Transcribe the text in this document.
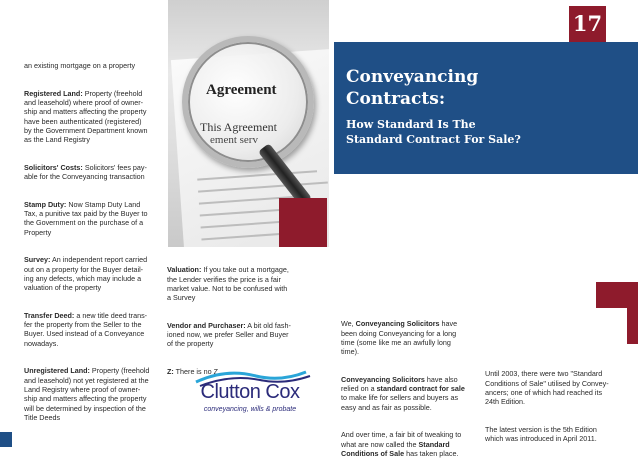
Agreement
This Agreement
ement serv
17
Conveyancing
Contracts:
How Standard Is The
Standard Contract For Sale?

an existing mortgage on a property

Registered Land: Property (freehold
and leasehold) where proof of owner-
ship and matters affecting the property
have been authenticated (registered)
by the Government Department known
as the Land Registry

Solicitors' Costs: Solicitors' fees pay-
able for the Conveyancing transaction

Stamp Duty: Now Stamp Duty Land
Tax, a punitive tax paid by the Buyer to
the Government on the purchase of a
Property

Survey: An independent report carried
out on a property for the Buyer detail-
ing any defects, which may include a
valuation of the property

Transfer Deed: a new title deed trans-
fer the property from the Seller to the
Buyer. Used instead of a Conveyance
nowadays.

Unregistered Land: Property (freehold
and leasehold) not yet registered at the
Land Registry where proof of owner-
ship and matters affecting the property
will be determined by inspection of the
Title Deeds

Valuation: If you take out a mortgage,
the Lender verifies the price is a fair
market value. Not to be confused with
a Survey

Vendor and Purchaser: A bit old fash-
ioned now, we prefer Seller and Buyer
of the property

Z: There is no Z

Clutton Cox
conveyancing, wills & probate

We, Conveyancing Solicitors have
been doing Conveyancing for a long
time (some like me an awfully long
time).

Conveyancing Solicitors have also
relied on a standard contract for sale
to make life for sellers and buyers as
easy and as fair as possible.

And over time, a fair bit of tweaking to
what are now called the Standard
Conditions of Sale has taken place.

Until 2003, there were two "Standard
Conditions of Sale" utilised by Convey-
ancers; one of which had reached its
24th Edition.

The latest version is the 5th Edition
which was introduced in April 2011.
